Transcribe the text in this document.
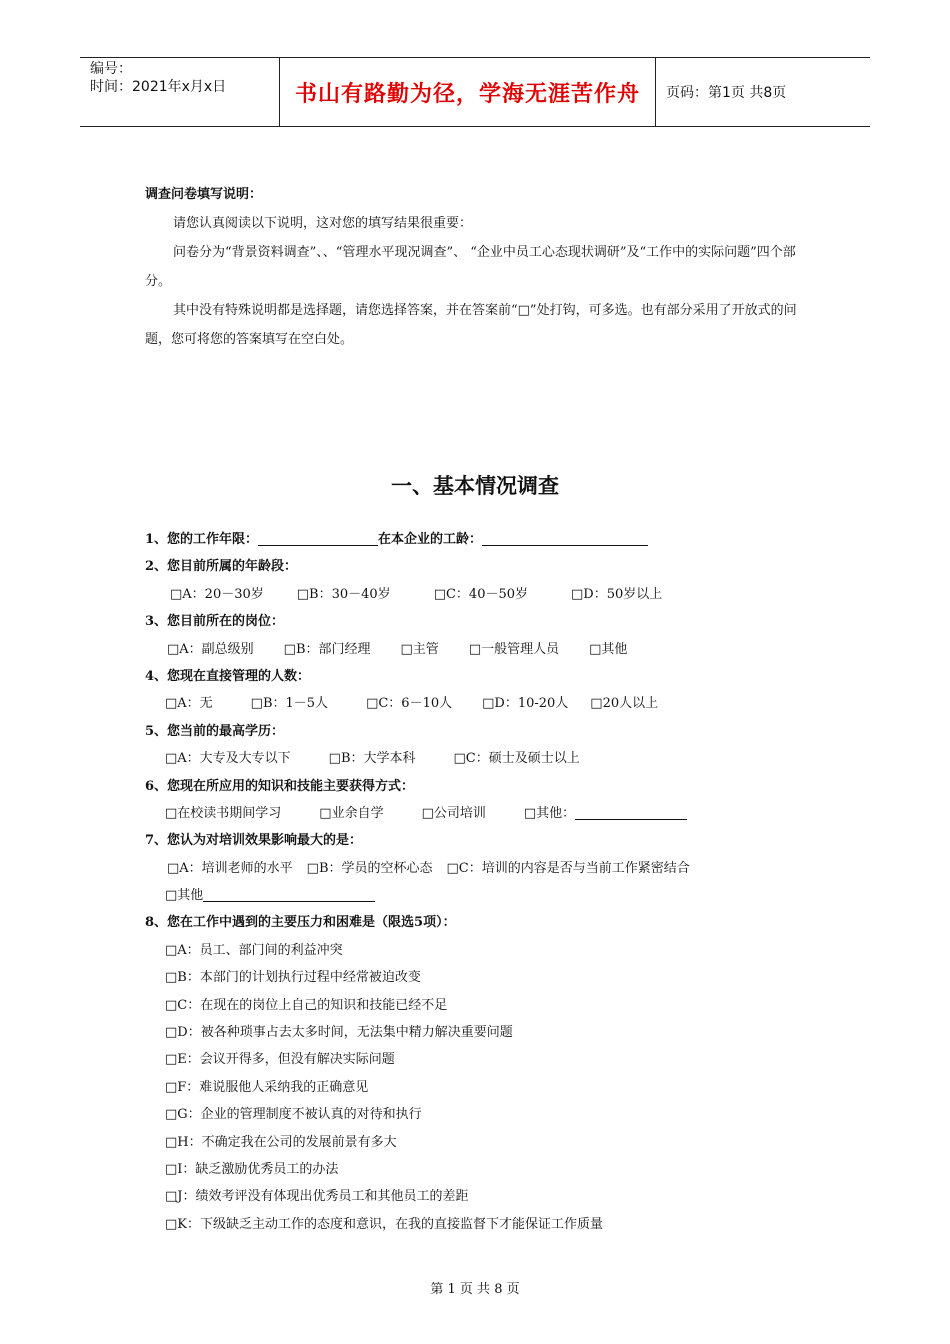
编号：
时间：2021年x月x日	书山有路勤为径，学海无涯苦作舟	页码：第1页 共8页
调查问卷填写说明：

请您认真阅读以下说明，这对您的填写结果很重要：

问卷分为“背景资料调查”、、“管理水平现况调查”、 “企业中员工心态现状调研”及“工作中的实际问题”四个部分。

其中没有特殊说明都是选择题，请您选择答案，并在答案前“□”处打钩，可多选。也有部分采用了开放式的问题，您可将您的答案填写在空白处。

一、基本情况调查
1、您的工作年限：	在本企业的工龄：
2、您目前所属的年龄段：
□A：20－30岁	□B：30－40岁	□C：40－50岁	□D：50岁以上
3、您目前所在的岗位：
□A：副总级别 □B：部门经理 □主管 □一般管理人员 □其他
4、您现在直接管理的人数：
□A：无	□B：1－5人	□C：6－10人 □D：10-20人 □20人以上
5、您当前的最高学历：
□A：大专及大专以下	□B：大学本科	□C：硕士及硕士以上
6、您现在所应用的知识和技能主要获得方式：
□在校读书期间学习	□业余自学	□公司培训	□其他：
7、您认为对培训效果影响最大的是：
□A：培训老师的水平 □B：学员的空杯心态 □C：培训的内容是否与当前工作紧密结合
□其他
8、您在工作中遇到的主要压力和困难是（限选5项）：
□A：员工、部门间的利益冲突
□B：本部门的计划执行过程中经常被迫改变
□C：在现在的岗位上自己的知识和技能已经不足
□D：被各种琐事占去太多时间，无法集中精力解决重要问题
□E：会议开得多，但没有解决实际问题
□F：难说服他人采纳我的正确意见
□G：企业的管理制度不被认真的对待和执行
□H：不确定我在公司的发展前景有多大
□I：缺乏激励优秀员工的办法
□J：绩效考评没有体现出优秀员工和其他员工的差距
□K：下级缺乏主动工作的态度和意识，在我的直接监督下才能保证工作质量
第 1 页 共 8 页
